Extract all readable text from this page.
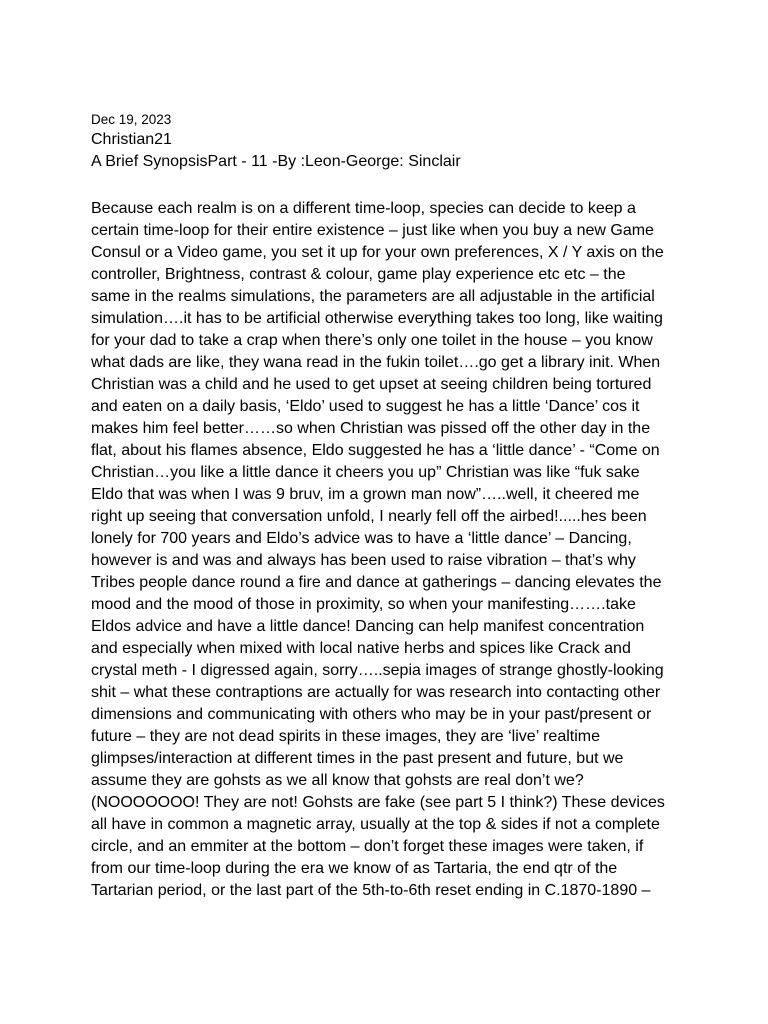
Dec 19, 2023

Christian21

A Brief SynopsisPart - 11 -By :Leon-George: Sinclair

Because each realm is on a different time-loop, species can decide to keep a
certain time-loop for their entire existence – just like when you buy a new Game
Consul or a Video game, you set it up for your own preferences, X / Y axis on the
controller, Brightness, contrast & colour, game play experience etc etc – the
same in the realms simulations, the parameters are all adjustable in the artificial
simulation….it has to be artificial otherwise everything takes too long, like waiting
for your dad to take a crap when there’s only one toilet in the house – you know
what dads are like, they wana read in the fukin toilet….go get a library init. When
Christian was a child and he used to get upset at seeing children being tortured
and eaten on a daily basis, ‘Eldo’ used to suggest he has a little ‘Dance’ cos it
makes him feel better……so when Christian was pissed off the other day in the
flat, about his flames absence, Eldo suggested he has a ‘little dance’ - “Come on
Christian…you like a little dance it cheers you up” Christian was like “fuk sake
Eldo that was when I was 9 bruv, im a grown man now”…..well, it cheered me
right up seeing that conversation unfold, I nearly fell off the airbed!.....hes been
lonely for 700 years and Eldo’s advice was to have a ‘little dance’ – Dancing,
however is and was and always has been used to raise vibration – that’s why
Tribes people dance round a fire and dance at gatherings – dancing elevates the
mood and the mood of those in proximity, so when your manifesting…….take
Eldos advice and have a little dance! Dancing can help manifest concentration
and especially when mixed with local native herbs and spices like Crack and
crystal meth - I digressed again, sorry…..sepia images of strange ghostly-looking
shit – what these contraptions are actually for was research into contacting other
dimensions and communicating with others who may be in your past/present or
future – they are not dead spirits in these images, they are ‘live’ realtime
glimpses/interaction at different times in the past present and future, but we
assume they are gohsts as we all know that gohsts are real don’t we?
(NOOOOOOO! They are not! Gohsts are fake (see part 5 I think?) These devices
all have in common a magnetic array, usually at the top & sides if not a complete
circle, and an emmiter at the bottom – don’t forget these images were taken, if
from our time-loop during the era we know of as Tartaria, the end qtr of the
Tartarian period, or the last part of the 5th-to-6th reset ending in C.1870-1890 –
